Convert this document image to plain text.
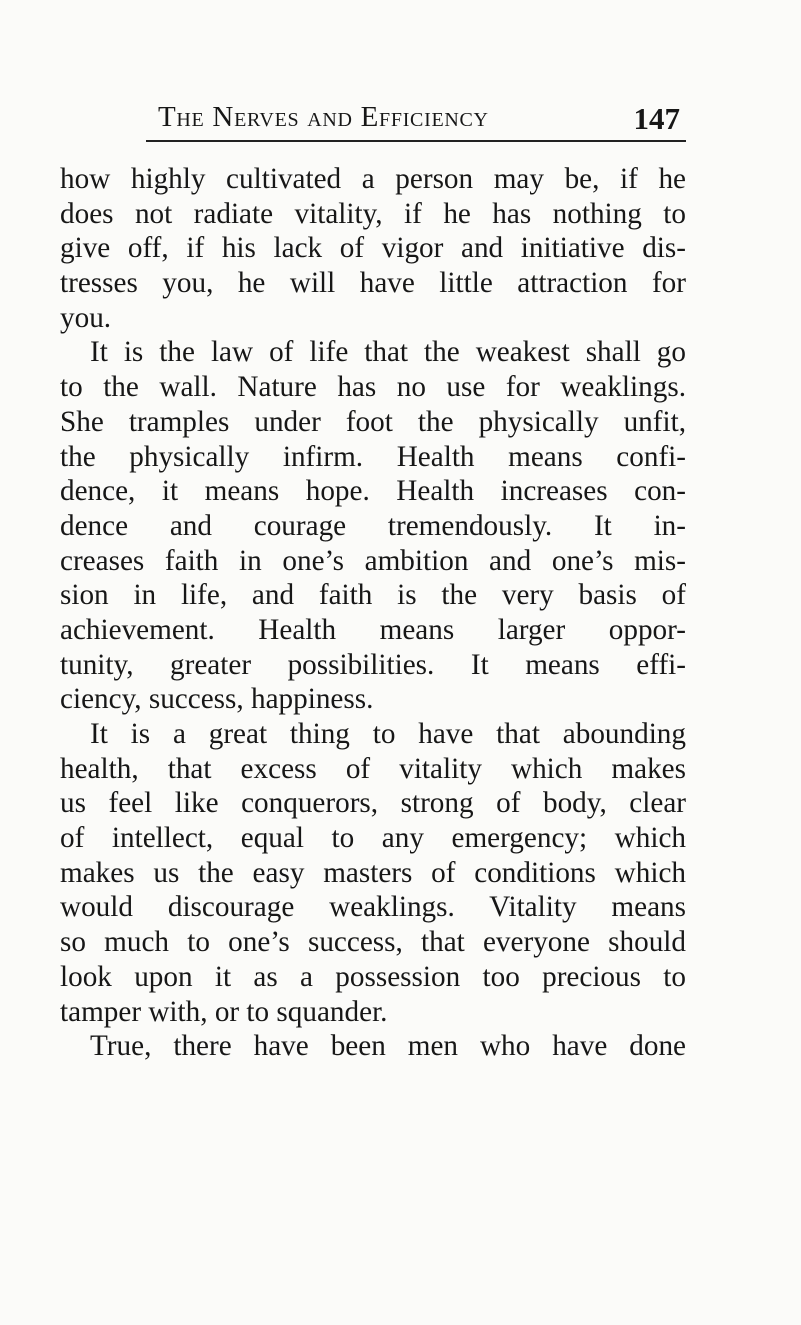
The Nerves and Efficiency	147
how highly cultivated a person may be, if he
does not radiate vitality, if he has nothing to
give off, if his lack of vigor and initiative dis-
tresses you, he will have little attraction for
you.
It is the law of life that the weakest shall go
to the wall. Nature has no use for weaklings.
She tramples under foot the physically unfit,
the physically infirm. Health means confi-
dence, it means hope. Health increases con-
dence and courage tremendously. It in-
creases faith in one’s ambition and one’s mis-
sion in life, and faith is the very basis of
achievement. Health means larger oppor-
tunity, greater possibilities. It means effi-
ciency, success, happiness.
It is a great thing to have that abounding
health, that excess of vitality which makes
us feel like conquerors, strong of body, clear
of intellect, equal to any emergency; which
makes us the easy masters of conditions which
would discourage weaklings. Vitality means
so much to one’s success, that everyone should
look upon it as a possession too precious to
tamper with, or to squander.
True, there have been men who have done
